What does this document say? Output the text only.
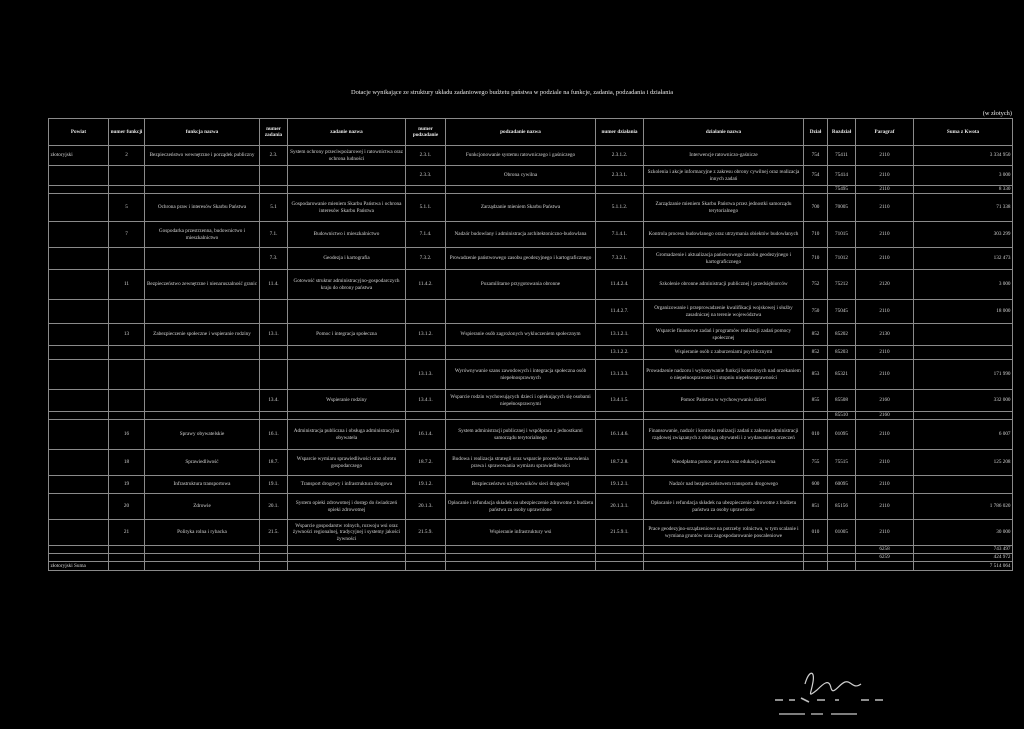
Dotacje wynikające ze struktury układu zadaniowego budżetu państwa w podziale na funkcje, zadania, podzadania i działania
(w złotych)
Powiat	numer funkcji	funkcja nazwa	numer zadania	zadanie nazwa	numer podzadanie	podzadanie nazwa	numer działania	działanie nazwa	Dział	Rozdział	Paragraf	Suma z Kwota
złotoryjski	2	Bezpieczeństwo wewnętrzne i porządek publiczny	2.3.	System ochrony przeciwpożarowej i ratownictwa oraz ochrona ludności	2.3.1.	Funkcjonowanie systemu ratowniczego i gaśniczego	2.3.1.2.	Interwencje ratowniczo-gaśnicze	754	75411	2110	3 334 950
					2.3.3.	Obrona cywilna	2.3.3.1.	Szkolenia i akcje informacyjne z zakresu obrony cywilnej oraz realizacja innych zadań	754	75414	2110	3 000
										75495	2110	8 330
	5	Ochrona praw i interesów Skarbu Państwa	5.1	Gospodarowanie mieniem Skarbu Państwa i ochrona interesów Skarbu Państwa	5.1.1.	Zarządzanie mieniem Skarbu Państwa	5.1.1.2.	Zarządzanie mieniem Skarbu Państwa przez jednostki samorządu terytorialnego	700	70005	2110	71 338
	7	Gospodarka przestrzenna, budownictwo i mieszkalnictwo	7.1.	Budownictwo i mieszkalnictwo	7.1.4.	Nadzór budowlany i administracja architektoniczno-budowlana	7.1.4.1.	Kontrola procesu budowlanego oraz utrzymania obiektów budowlanych	710	71015	2110	303 299
			7.3.	Geodezja i kartografia	7.3.2.	Prowadzenie państwowego zasobu geodezyjnego i kartograficznego	7.3.2.1.	Gromadzenie i aktualizacja państwowego zasobu geodezyjnego i kartograficznego	710	71012	2110	132 473
	11	Bezpieczeństwo zewnętrzne i nienaruszalność granic	11.4.	Gotowość struktur administracyjno-gospodarczych kraju do obrony państwa	11.4.2.	Pozamilitarne przygotowania obronne	11.4.2.4.	Szkolenie obronne administracji publicznej i przedsiębiorców	752	75212	2120	3 000
							11.4.2.7.	Organizowanie i przeprowadzenie kwalifikacji wojskowej i służby zasadniczej na terenie województwa	750	75045	2110	18 000
	13	Zabezpieczenie społeczne i wspieranie rodziny	13.1.	Pomoc i integracja społeczna	13.1.2.	Wspieranie osób zagrożonych wykluczeniem społecznym	13.1.2.1.	Wsparcie finansowe zadań i programów realizacji zadań pomocy społecznej	852	85202	2130	
							13.1.2.2.	Wspieranie osób z zaburzeniami psychicznymi	852	85203	2110	
					13.1.3.	Wyrównywanie szans zawodowych i integracja społeczna osób niepełnosprawnych	13.1.3.3.	Prowadzenie nadzoru i wykonywanie funkcji kontrolnych nad orzekaniem o niepełnosprawności i stopniu niepełnosprawności	853	85321	2110	171 990
			13.4.	Wspieranie rodziny	13.4.1.	Wsparcie rodzin wychowujących dzieci i opiekujących się osobami niepełnosprawnymi	13.4.1.5.	Pomoc Państwa w wychowywaniu dzieci	855	85508	2160	332 000
										85510	2160	
	16	Sprawy obywatelskie	16.1.	Administracja publiczna i obsługa administracyjna obywatela	16.1.4.	System administracji publicznej i współpraca z jednostkami samorządu terytorialnego	16.1.4.6.	Finansowanie, nadzór i kontrola realizacji zadań z zakresu administracji rządowej związanych z obsługą obywateli i z wydawaniem orzeczeń	010	01095	2110	6 007
	18	Sprawiedliwość	18.7.	Wsparcie wymiaru sprawiedliwości oraz obrotu gospodarczego	18.7.2.	Budowa i realizacja strategii oraz wsparcie procesów stanowienia prawa i sprawowania wymiaru sprawiedliwości	18.7.2.8.	Nieodpłatna pomoc prawna oraz edukacja prawna	755	75515	2110	125 208
	19	Infrastruktura transportowa	19.1.	Transport drogowy i infrastruktura drogowa	19.1.2.	Bezpieczeństwo użytkowników sieci drogowej	19.1.2.1.	Nadzór nad bezpieczeństwem transportu drogowego	600	60095	2110	
	20	Zdrowie	20.1.	System opieki zdrowotnej i dostęp do świadczeń opieki zdrowotnej	20.1.3.	Opłacanie i refundacja składek na ubezpieczenie zdrowotne z budżetu państwa za osoby uprawnione	20.1.3.1.	Opłacanie i refundacja składek na ubezpieczenie zdrowotne z budżetu państwa za osoby uprawnione	851	85156	2110	1 786 020
	21	Polityka rolna i rybacka	21.5.	Wsparcie gospodarstw rolnych, rozwoju wsi oraz żywności regionalnej, tradycyjnej i systemy jakości żywności	21.5.9.	Wspieranie infrastruktury wsi	21.5.9.1.	Prace geodezyjno-urządzeniowe na potrzeby rolnictwa, w tym scalanie i wymiana gruntów oraz zagospodarowanie poscaleniowe	010	01005	2110	30 000
											6258	743 497
											6259	424 972
złotoryjski Suma												7 514 064
